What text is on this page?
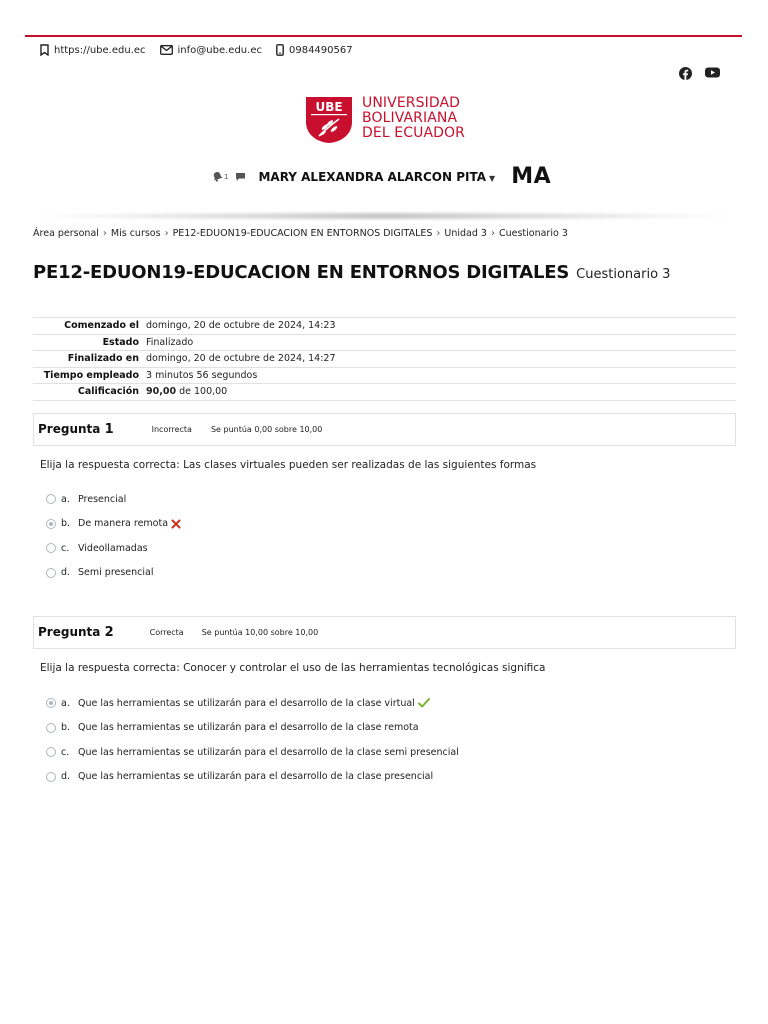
https://ube.edu.ec	info@ube.edu.ec	0984490567
UBE UNIVERSIDAD
BOLIVARIANA
DEL ECUADOR
1	MARY ALEXANDRA ALARCON PITA ▼ MA
Área personal › Mis cursos › PE12-EDUON19-EDUCACION EN ENTORNOS DIGITALES › Unidad 3 › Cuestionario 3
PE12-EDUON19-EDUCACION EN ENTORNOS DIGITALES Cuestionario 3
Comenzado el	domingo, 20 de octubre de 2024, 14:23
Estado	Finalizado
Finalizado en	domingo, 20 de octubre de 2024, 14:27
Tiempo empleado	3 minutos 56 segundos
Calificación	90,00 de 100,00
Pregunta 1	Incorrecta Se puntúa 0,00 sobre 10,00
Elija la respuesta correcta: Las clases virtuales pueden ser realizadas de las siguientes formas
a. Presencial
b. De manera remota
c. Videollamadas
d. Semi presencial
Pregunta 2	Correcta Se puntúa 10,00 sobre 10,00
Elija la respuesta correcta: Conocer y controlar el uso de las herramientas tecnológicas significa
a. Que las herramientas se utilizarán para el desarrollo de la clase virtual
b. Que las herramientas se utilizarán para el desarrollo de la clase remota
c. Que las herramientas se utilizarán para el desarrollo de la clase semi presencial
d. Que las herramientas se utilizarán para el desarrollo de la clase presencial
